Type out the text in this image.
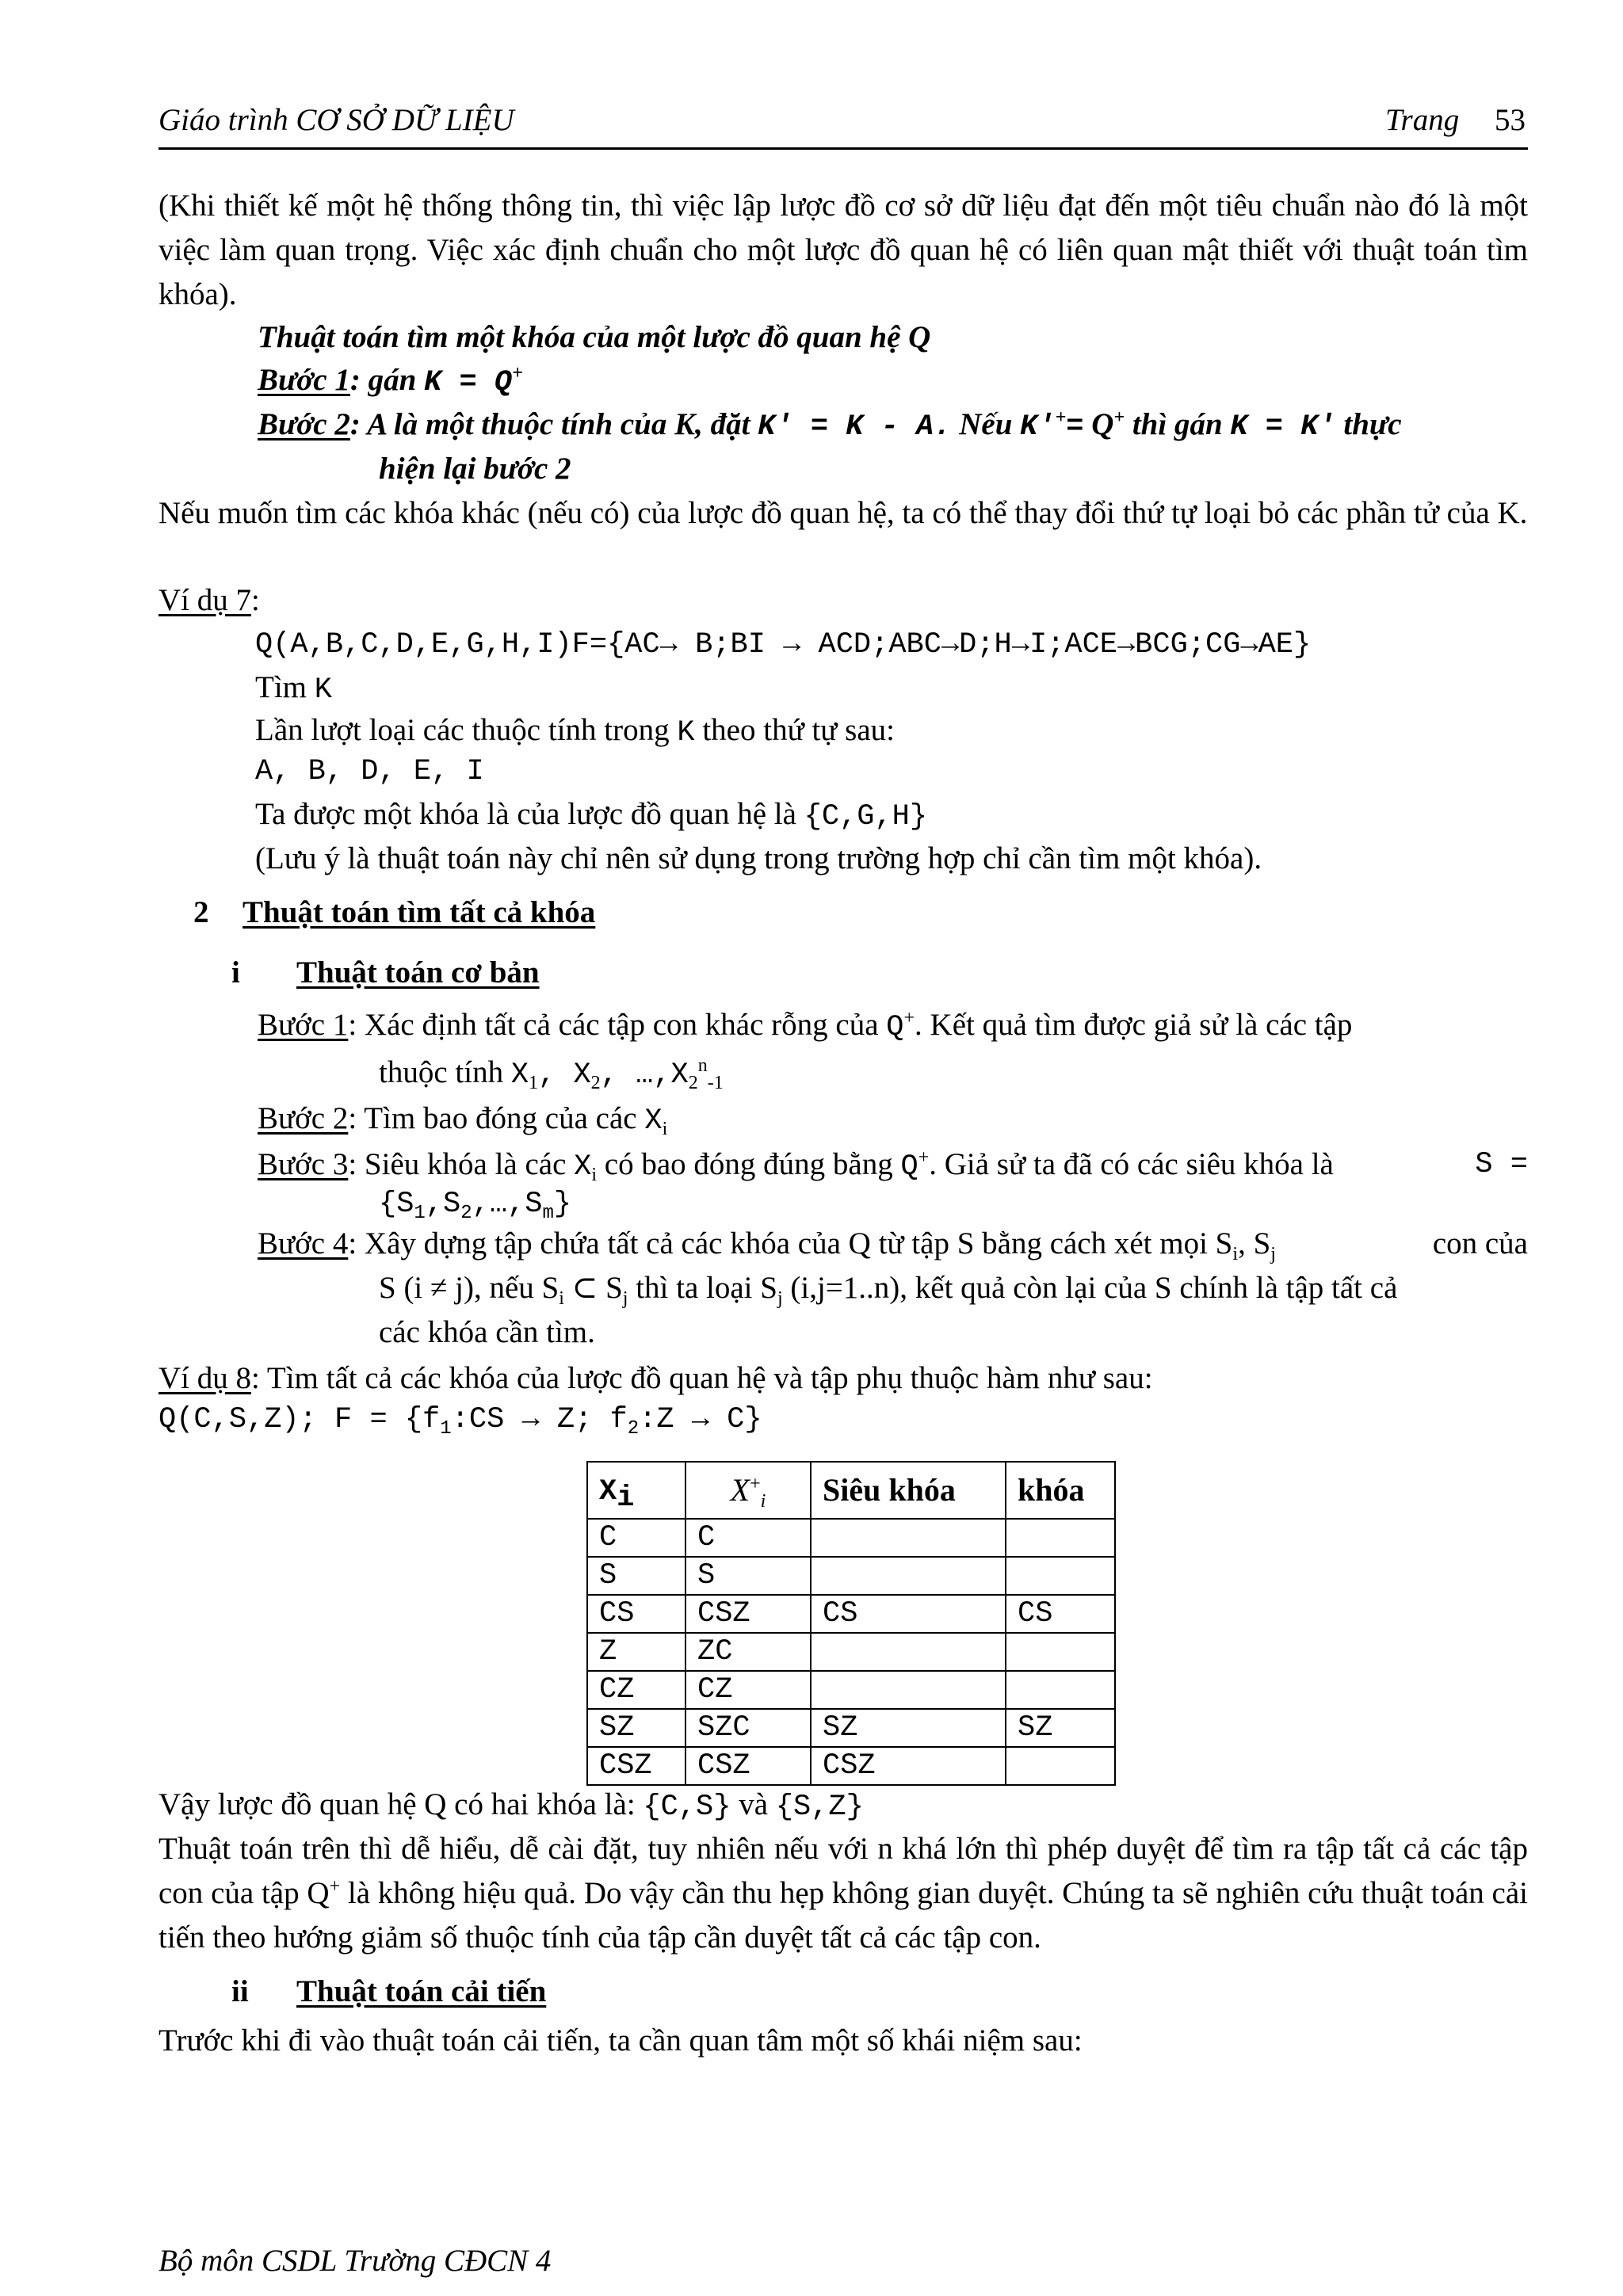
Giáo trình CƠ SỞ DỮ LIỆU	Trang 53
(Khi thiết kế một hệ thống thông tin, thì việc lập lược đồ cơ sở dữ liệu đạt đến một tiêu chuẩn nào đó là một việc làm quan trọng. Việc xác định chuẩn cho một lược đồ quan hệ có liên quan mật thiết với thuật toán tìm khóa).
Thuật toán tìm một khóa của một lược đồ quan hệ Q
Bước 1: gán K = Q+
Bước 2: A là một thuộc tính của K, đặt K' = K - A. Nếu K'+= Q+ thì gán K = K' thực
hiện lại bước 2
Nếu muốn tìm các khóa khác (nếu có) của lược đồ quan hệ, ta có thể thay đổi thứ tự loại bỏ các phần tử của K.
Ví dụ 7:
Q(A,B,C,D,E,G,H,I)F={AC→ B;BI → ACD;ABC→D;H→I;ACE→BCG;CG→AE}
Tìm K
Lần lượt loại các thuộc tính trong K theo thứ tự sau:
A, B, D, E, I
Ta được một khóa là của lược đồ quan hệ là {C,G,H}
(Lưu ý là thuật toán này chỉ nên sử dụng trong trường hợp chỉ cần tìm một khóa).
2 Thuật toán tìm tất cả khóa
i Thuật toán cơ bản
Bước 1: Xác định tất cả các tập con khác rỗng của Q+. Kết quả tìm được giả sử là các tập
thuộc tính $X_1$, $X_2$, $\dots,X_2^n_{-1}$
Bước 2: Tìm bao đóng của các $X_i$
Bước 3: Siêu khóa là các $X_i$ có bao đóng đúng bằng Q+. Giả sử ta đã có các siêu khóa là	S =
$\{S_1,S_2,\dots,S_m\}$
Bước 4: Xây dựng tập chứa tất cả các khóa của Q từ tập S bằng cách xét mọi $S_i$, $S_j$	con của
S (i ≠ j), nếu $S_i$ ⊂ $S_j$ thì ta loại $S_j$ (i,j=1..n), kết quả còn lại của S chính là tập tất cả
các khóa cần tìm.
Ví dụ 8: Tìm tất cả các khóa của lược đồ quan hệ và tập phụ thuộc hàm như sau:
Q(C,S,Z); $F = \{f_1:CS \to Z$; $f_2:Z \to C$}
$X_i$	$X^+_i$	Siêu khóa	khóa
C	C		
S	S		
CS	CSZ	CS	CS
Z	ZC		
CZ	CZ		
SZ	SZC	SZ	SZ
CSZ	CSZ	CSZ	
Vậy lược đồ quan hệ Q có hai khóa là: {C,S} và {S,Z}
Thuật toán trên thì dễ hiểu, dễ cài đặt, tuy nhiên nếu với n khá lớn thì phép duyệt để tìm ra tập tất cả các tập con của tập Q+ là không hiệu quả. Do vậy cần thu hẹp không gian duyệt. Chúng ta sẽ nghiên cứu thuật toán cải tiến theo hướng giảm số thuộc tính của tập cần duyệt tất cả các tập con.
ii Thuật toán cải tiến
Trước khi đi vào thuật toán cải tiến, ta cần quan tâm một số khái niệm sau:
Bộ môn CSDL Trường CĐCN 4
